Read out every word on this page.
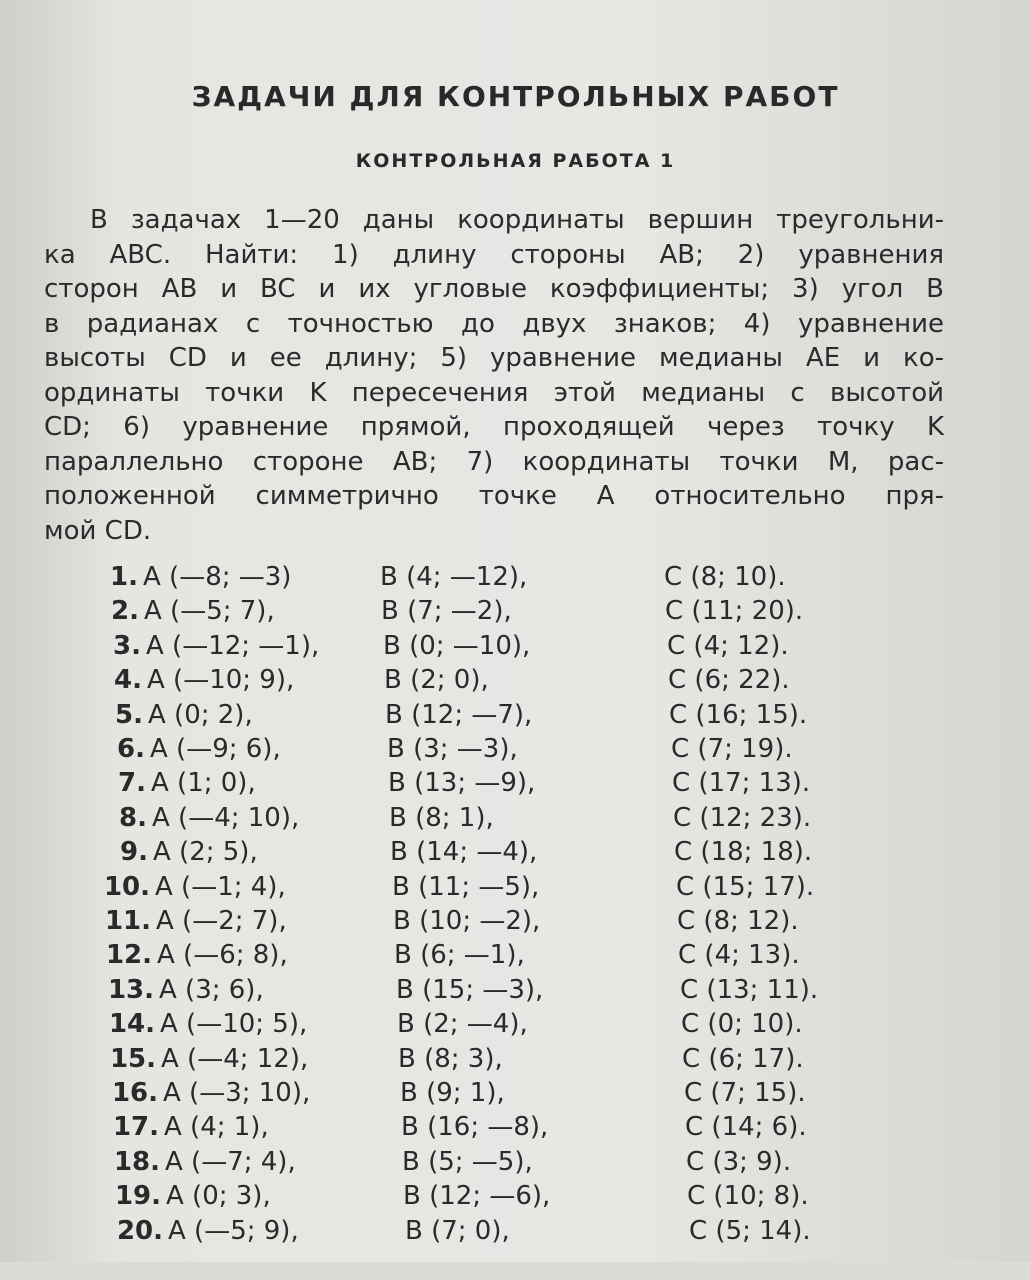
ЗАДАЧИ ДЛЯ КОНТРОЛЬНЫХ РАБОТ
КОНТРОЛЬНАЯ РАБОТА 1
В задачах 1—20 даны координаты вершин треугольни-
ка ABC. Найти: 1) длину стороны AB; 2) уравнения
сторон AB и BC и их угловые коэффициенты; 3) угол B
в радианах с точностью до двух знаков; 4) уравнение
высоты CD и ее длину; 5) уравнение медианы AE и ко-
ординаты точки K пересечения этой медианы с высотой
CD; 6) уравнение прямой, проходящей через точку K
параллельно стороне AB; 7) координаты точки M, рас-
положенной симметрично точке A относительно пря-
мой CD.
1. A (—8; —3)	B (4; —12),	C (8; 10).
2. A (—5; 7),	B (7; —2),	C (11; 20).
3. A (—12; —1), B (0; —10),	C (4; 12).
4. A (—10; 9),	B (2; 0),	C (6; 22).
5. A (0; 2),	B (12; —7),	C (16; 15).
6. A (—9; 6),	B (3; —3),	C (7; 19).
7. A (1; 0),	B (13; —9),	C (17; 13).
8. A (—4; 10),	B (8; 1),	C (12; 23).
9. A (2; 5),	B (14; —4),	C (18; 18).
10. A (—1; 4),	B (11; —5),	C (15; 17).
11. A (—2; 7),	B (10; —2),	C (8; 12).
12. A (—6; 8),	B (6; —1),	C (4; 13).
13. A (3; 6),	B (15; —3),	C (13; 11).
14. A (—10; 5),	B (2; —4),	C (0; 10).
15. A (—4; 12),	B (8; 3),	C (6; 17).
16. A (—3; 10),	B (9; 1),	C (7; 15).
17. A (4; 1),	B (16; —8),	C (14; 6).
18. A (—7; 4),	B (5; —5),	C (3; 9).
19. A (0; 3),	B (12; —6),	C (10; 8).
20. A (—5; 9),	B (7; 0),	C (5; 14).
